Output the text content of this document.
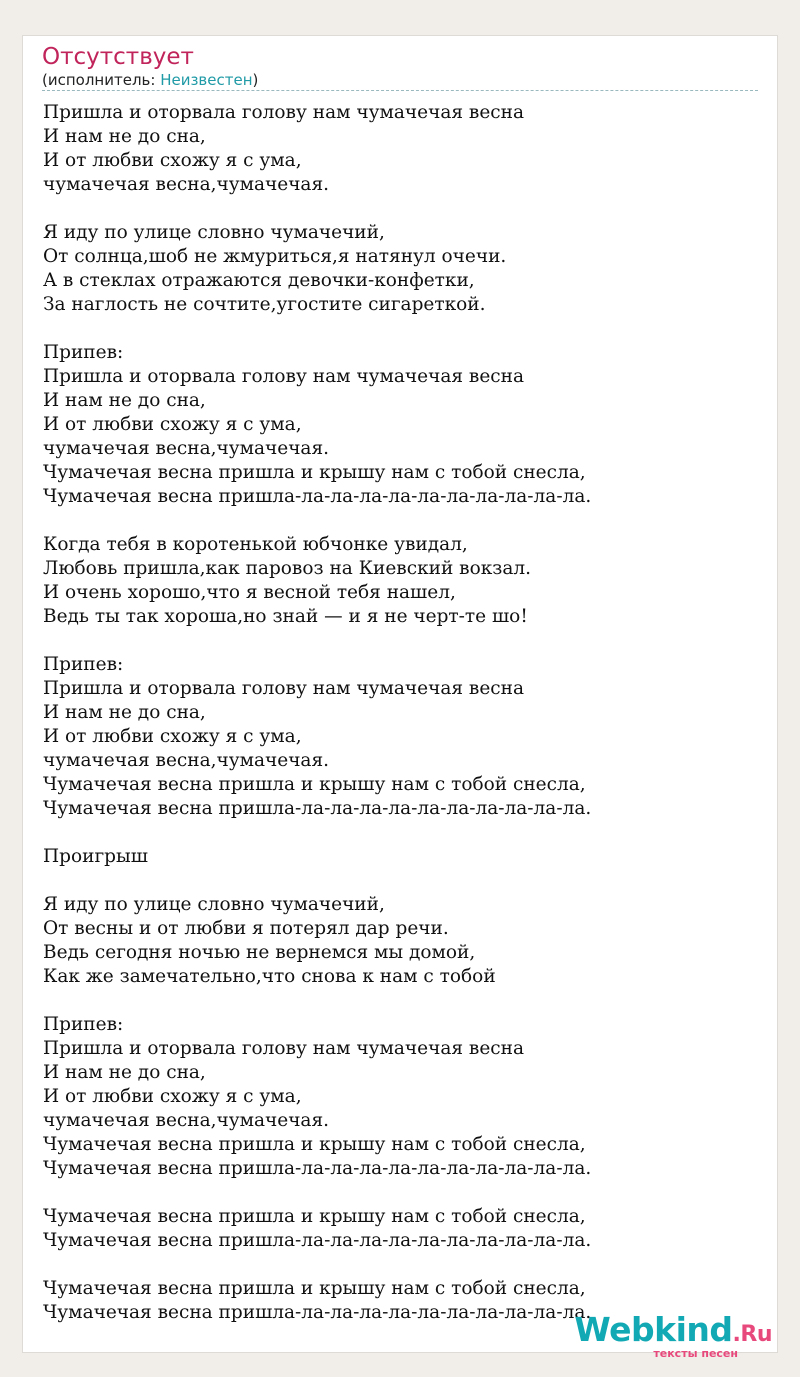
Отсутствует
(исполнитель: Неизвестен)
Пришла и оторвала голову нам чумачечая весна
И нам не до сна,
И от любви схожу я с ума,
чумачечая весна,чумачечая.

Я иду по улице словно чумачечий,
От солнца,шоб не жмуриться,я натянул очечи.
А в стеклах отражаются девочки-конфетки,
За наглость не сочтите,угостите сигареткой.

Припев:
Пришла и оторвала голову нам чумачечая весна
И нам не до сна,
И от любви схожу я с ума,
чумачечая весна,чумачечая.
Чумачечая весна пришла и крышу нам с тобой снесла,
Чумачечая весна пришла-ла-ла-ла-ла-ла-ла-ла-ла-ла-ла.

Когда тебя в коротенькой юбчонке увидал,
Любовь пришла,как паровоз на Киевский вокзал.
И очень хорошо,что я весной тебя нашел,
Ведь ты так хороша,но знай — и я не черт-те шо!

Припев:
Пришла и оторвала голову нам чумачечая весна
И нам не до сна,
И от любви схожу я с ума,
чумачечая весна,чумачечая.
Чумачечая весна пришла и крышу нам с тобой снесла,
Чумачечая весна пришла-ла-ла-ла-ла-ла-ла-ла-ла-ла-ла.

Проигрыш

Я иду по улице словно чумачечий,
От весны и от любви я потерял дар речи.
Ведь сегодня ночью не вернемся мы домой,
Как же замечательно,что снова к нам с тобой

Припев:
Пришла и оторвала голову нам чумачечая весна
И нам не до сна,
И от любви схожу я с ума,
чумачечая весна,чумачечая.
Чумачечая весна пришла и крышу нам с тобой снесла,
Чумачечая весна пришла-ла-ла-ла-ла-ла-ла-ла-ла-ла-ла.

Чумачечая весна пришла и крышу нам с тобой снесла,
Чумачечая весна пришла-ла-ла-ла-ла-ла-ла-ла-ла-ла-ла.

Чумачечая весна пришла и крышу нам с тобой снесла,
Чумачечая весна пришла-ла-ла-ла-ла-ла-ла-ла-ла-ла-ла.
Webkind.Ru
тексты песен
